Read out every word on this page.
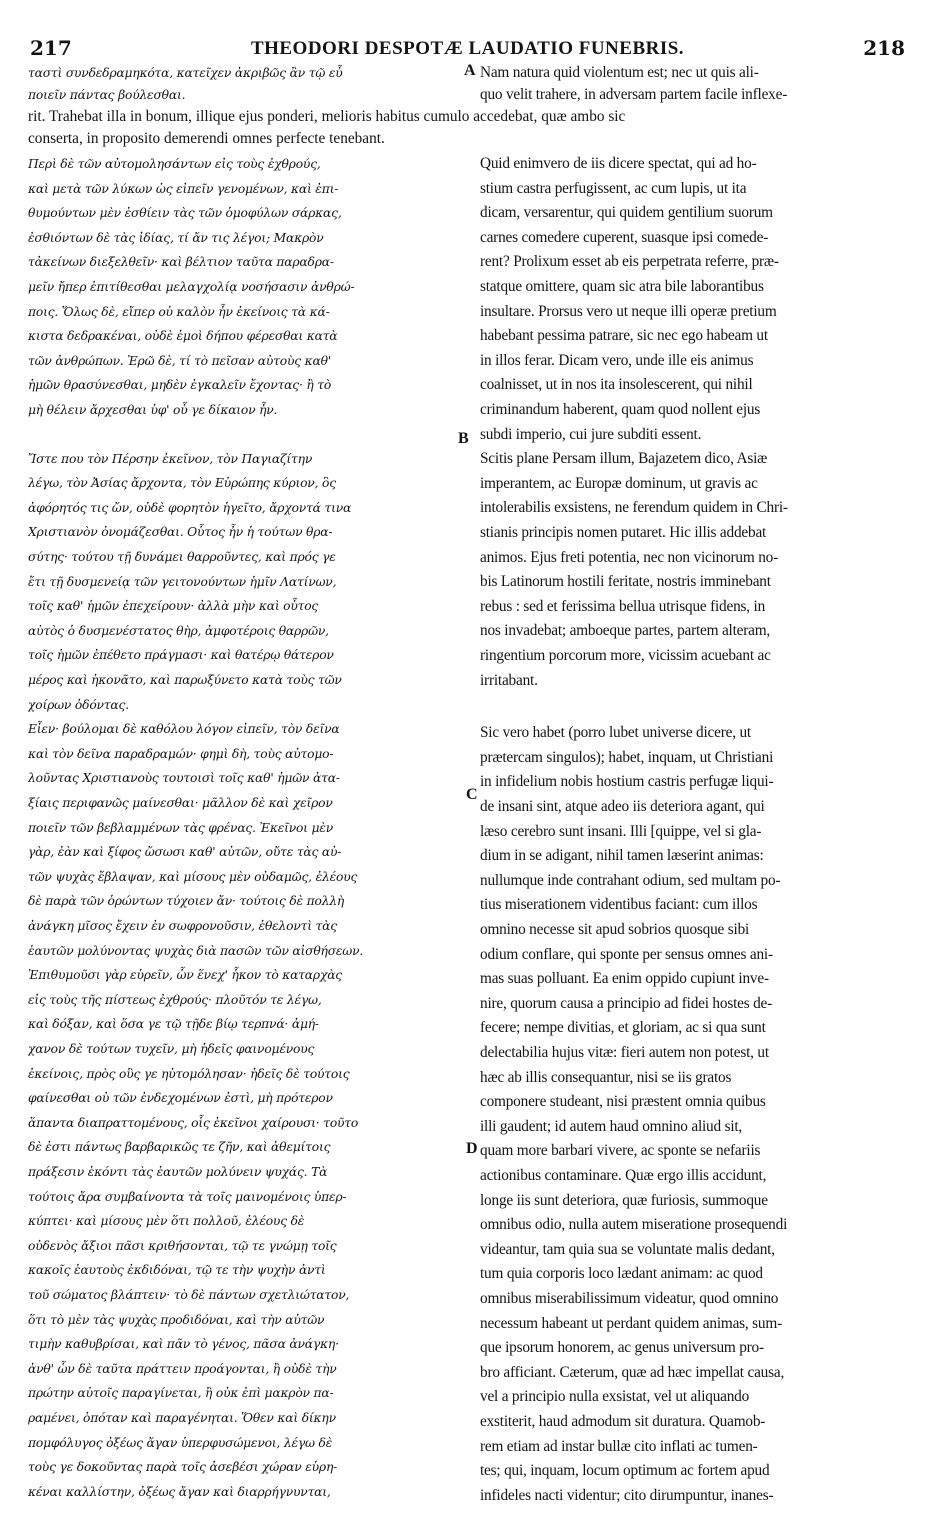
217	THEODORI DESPOTÆ LAUDATIO FUNEBRIS.	218
ταστὶ συνδεδραμηκότα, κατεῖχεν ἀκριβῶς ἂν τῷ εὖ
ποιεῖν πάντας βούλεσθαι.
A Nam natura quid violentum est; nec ut quis ali-
quo velit trahere, in adversam partem facile inflexe-
rit. Trahebat illa in bonum, illique ejus ponderi, melioris habitus cumulo accedebat, quæ ambo sic
conserta, in proposito demerendi omnes perfecte tenebant.
Περὶ δὲ τῶν αὐτομολησάντων εἰς τοὺς ἐχθρούς,
καὶ μετὰ τῶν λύκων ὡς εἰπεῖν γενομένων, καὶ ἐπι-
θυμούντων μὲν ἐσθίειν τὰς τῶν ὁμοφύλων σάρκας,
ἐσθιόντων δὲ τὰς ἰδίας, τί ἄν τις λέγοι; Μακρὸν
τἀκείνων διεξελθεῖν· καὶ βέλτιον ταῦτα παραδρα-
μεῖν ἤπερ ἐπιτίθεσθαι μελαγχολίᾳ νοσήσασιν ἀνθρώ-
ποις. Ὅλως δὲ, εἴπερ οὐ καλὸν ἦν ἐκείνοις τὰ κά-
κιστα δεδρακέναι, οὐδὲ ἐμοὶ δήπου φέρεσθαι κατὰ
τῶν ἀνθρώπων. Ἐρῶ δὲ, τί τὸ πεῖσαν αὐτοὺς καθ'
ἡμῶν θρασύνεσθαι, μηδὲν ἐγκαλεῖν ἔχοντας· ἢ τὸ
μὴ θέλειν ἄρχεσθαι ὑφ' οὗ γε δίκαιον ἦν.
Ἴστε που τὸν Πέρσην ἐκεῖνον, τὸν Παγιαζίτην
λέγω, τὸν Ἀσίας ἄρχοντα, τὸν Εὐρώπης κύριον, ὃς
ἀφόρητός τις ὤν, οὐδὲ φορητὸν ἡγεῖτο, ἄρχοντά τινα
Χριστιανὸν ὀνομάζεσθαι. Οὗτος ἦν ἡ τούτων θρα-
σύτης· τούτου τῇ δυνάμει θαρροῦντες, καὶ πρός γε
ἔτι τῇ δυσμενείᾳ τῶν γειτονούντων ἡμῖν Λατίνων,
τοῖς καθ' ἡμῶν ἐπεχείρουν· ἀλλὰ μὴν καὶ οὗτος
αὐτὸς ὁ δυσμενέστατος θὴρ, ἀμφοτέροις θαρρῶν,
τοῖς ἡμῶν ἐπέθετο πράγμασι· καὶ θατέρῳ θάτερον
μέρος καὶ ἠκονᾶτο, καὶ παρωξύνετο κατὰ τοὺς τῶν
χοίρων ὀδόντας.
Εἶεν· βούλομαι δὲ καθόλου λόγον εἰπεῖν, τὸν δεῖνα
καὶ τὸν δεῖνα παραδραμών· φημὶ δὴ, τοὺς αὐτομο-
λοῦντας Χριστιανοὺς τουτοισὶ τοῖς καθ' ἡμῶν ἀτα-
ξίαις περιφανῶς μαίνεσθαι· μᾶλλον δὲ καὶ χεῖρον
ποιεῖν τῶν βεβλαμμένων τὰς φρένας. Ἐκεῖνοι μὲν
γὰρ, ἐὰν καὶ ξίφος ὤσωσι καθ' αὐτῶν, οὔτε τὰς αὐ-
τῶν ψυχὰς ἔβλαψαν, καὶ μίσους μὲν οὐδαμῶς, ἐλέους
δὲ παρὰ τῶν ὁρώντων τύχοιεν ἄν· τούτοις δὲ πολλὴ
ἀνάγκη μῖσος ἔχειν ἐν σωφρονοῦσιν, ἐθελοντὶ τὰς
ἑαυτῶν μολύνοντας ψυχὰς διὰ πασῶν τῶν αἰσθήσεων.
Ἐπιθυμοῦσι γὰρ εὑρεῖν, ὧν ἕνεχ' ἧκον τὸ καταρχὰς
εἰς τοὺς τῆς πίστεως ἐχθρούς· πλοῦτόν τε λέγω,
καὶ δόξαν, καὶ ὅσα γε τῷ τῇδε βίῳ τερπνά· ἀμή-
χανον δὲ τούτων τυχεῖν, μὴ ἡδεῖς φαινομένους
ἐκείνοις, πρὸς οὓς γε ηὐτομόλησαν· ἡδεῖς δὲ τούτοις
φαίνεσθαι οὐ τῶν ἐνδεχομένων ἐστὶ, μὴ πρότερον
ἅπαντα διαπραττομένους, οἷς ἐκεῖνοι χαίρουσι· τοῦτο
δὲ ἐστι πάντως βαρβαρικῶς τε ζῆν, καὶ ἀθεμίτοις
πράξεσιν ἑκόντι τὰς ἑαυτῶν μολύνειν ψυχάς. Τὰ
τούτοις ἄρα συμβαίνοντα τὰ τοῖς μαινομένοις ὑπερ-
κύπτει· καὶ μίσους μὲν ὅτι πολλοῦ, ἐλέους δὲ
οὐδενὸς ἄξιοι πᾶσι κριθήσονται, τῷ τε γνώμῃ τοῖς
κακοῖς ἑαυτοὺς ἐκδιδόναι, τῷ τε τὴν ψυχὴν ἀντὶ
τοῦ σώματος βλάπτειν· τὸ δὲ πάντων σχετλιώτατον,
ὅτι τὸ μὲν τὰς ψυχὰς προδιδόναι, καὶ τὴν αὐτῶν
τιμὴν καθυβρίσαι, καὶ πᾶν τὸ γένος, πᾶσα ἀνάγκη·
ἀνθ' ὧν δὲ ταῦτα πράττειν προάγονται, ἢ οὐδὲ τὴν
πρώτην αὐτοῖς παραγίνεται, ἢ οὐκ ἐπὶ μακρὸν πα-
ραμένει, ὁπόταν καὶ παραγένηται. Ὅθεν καὶ δίκην
πομφόλυγος ὀξέως ἄγαν ὑπερφυσώμενοι, λέγω δὲ
τοὺς γε δοκοῦντας παρὰ τοῖς ἀσεβέσι χώραν εὑρη-
κέναι καλλίστην, ὀξέως ἄγαν καὶ διαρρήγνυνται,
Quid enimvero de iis dicere spectat, qui ad ho-
stium castra perfugissent, ac cum lupis, ut ita
dicam, versarentur, qui quidem gentilium suorum
carnes comedere cuperent, suasque ipsi comede-
rent? Prolixum esset ab eis perpetrata referre, præ-
statque omittere, quam sic atra bile laborantibus
insultare. Prorsus vero ut neque illi operæ pretium
habebant pessima patrare, sic nec ego habeam ut
in illos ferar. Dicam vero, unde ille eis animus
coalnisset, ut in nos ita insolescerent, qui nihil
criminandum haberent, quam quod nollent ejus
subdi imperio, cui jure subditi essent.
Scitis plane Persam illum, Bajazetem dico, Asiæ
imperantem, ac Europæ dominum, ut gravis ac
intolerabilis exsistens, ne ferendum quidem in Chri-
stianis principis nomen putaret. Hic illis addebat
animos. Ejus freti potentia, nec non vicinorum no-
bis Latinorum hostili feritate, nostris imminebant
rebus : sed et ferissima bellua utrisque fidens, in
nos invadebat; amboeque partes, partem alteram,
ringentium porcorum more, vicissim acuebant ac
irritabant.
Sic vero habet (porro lubet universe dicere, ut
prætercam singulos); habet, inquam, ut Christiani
in infidelium nobis hostium castris perfugæ liqui-
de insani sint, atque adeo iis deteriora agant, qui
læso cerebro sunt insani. Illi [quippe, vel si gla-
dium in se adigant, nihil tamen læserint animas:
nullumque inde contrahant odium, sed multam po-
tius miserationem videntibus faciant: cum illos
omnino necesse sit apud sobrios quosque sibi
odium conflare, qui sponte per sensus omnes ani-
mas suas polluant. Ea enim oppido cupiunt inve-
nire, quorum causa a principio ad fidei hostes de-
fecere; nempe divitias, et gloriam, ac si qua sunt
delectabilia hujus vitæ: fieri autem non potest, ut
hæc ab illis consequantur, nisi se iis gratos
componere studeant, nisi præstent omnia quibus
illi gaudent; id autem haud omnino aliud sit,
quam more barbari vivere, ac sponte se nefariis
actionibus contaminare. Quæ ergo illis accidunt,
longe iis sunt deteriora, quæ furiosis, summoque
omnibus odio, nulla autem miseratione prosequendi
videantur, tam quia sua se voluntate malis dedant,
tum quia corporis loco lædant animam: ac quod
omnibus miserabilissimum videatur, quod omnino
necessum habeant ut perdant quidem animas, sum-
que ipsorum honorem, ac genus universum pro-
bro afficiant. Cæterum, quæ ad hæc impellat causa,
vel a principio nulla exsistat, vel ut aliquando
exstiterit, haud admodum sit duratura. Quamob-
rem etiam ad instar bullæ cito inflati ac tumen-
tes; qui, inquam, locum optimum ac fortem apud
infideles nacti videntur; cito dirumpuntur, inanes-
B
C
D
